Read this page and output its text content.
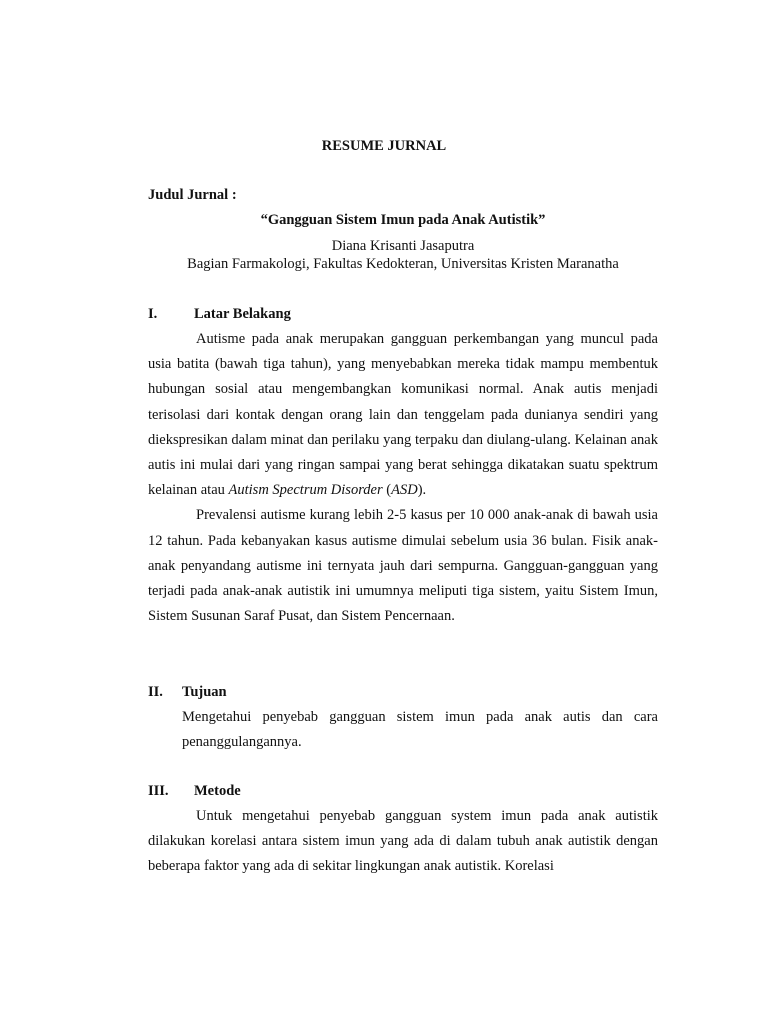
RESUME JURNAL
Judul Jurnal :
“Gangguan Sistem Imun pada Anak Autistik”
Diana Krisanti Jasaputra
Bagian Farmakologi, Fakultas Kedokteran, Universitas Kristen Maranatha
I.	Latar Belakang

Autisme pada anak merupakan gangguan perkembangan yang muncul pada usia batita (bawah tiga tahun), yang menyebabkan mereka tidak mampu membentuk hubungan sosial atau mengembangkan komunikasi normal. Anak autis menjadi terisolasi dari kontak dengan orang lain dan tenggelam pada dunianya sendiri yang diekspresikan dalam minat dan perilaku yang terpaku dan diulang-ulang. Kelainan anak autis ini mulai dari yang ringan sampai yang berat sehingga dikatakan suatu spektrum kelainan atau Autism Spectrum Disorder (ASD).

Prevalensi autisme kurang lebih 2-5 kasus per 10 000 anak-anak di bawah usia 12 tahun. Pada kebanyakan kasus autisme dimulai sebelum usia 36 bulan. Fisik anak-anak penyandang autisme ini ternyata jauh dari sempurna. Gangguan-gangguan yang terjadi pada anak-anak autistik ini umumnya meliputi tiga sistem, yaitu Sistem Imun, Sistem Susunan Saraf Pusat, dan Sistem Pencernaan.

II. Tujuan

Mengetahui penyebab gangguan sistem imun pada anak autis dan cara penanggulangannya.

III. Metode

Untuk mengetahui penyebab gangguan system imun pada anak autistik dilakukan korelasi antara sistem imun yang ada di dalam tubuh anak autistik dengan beberapa faktor yang ada di sekitar lingkungan anak autistik. Korelasi
